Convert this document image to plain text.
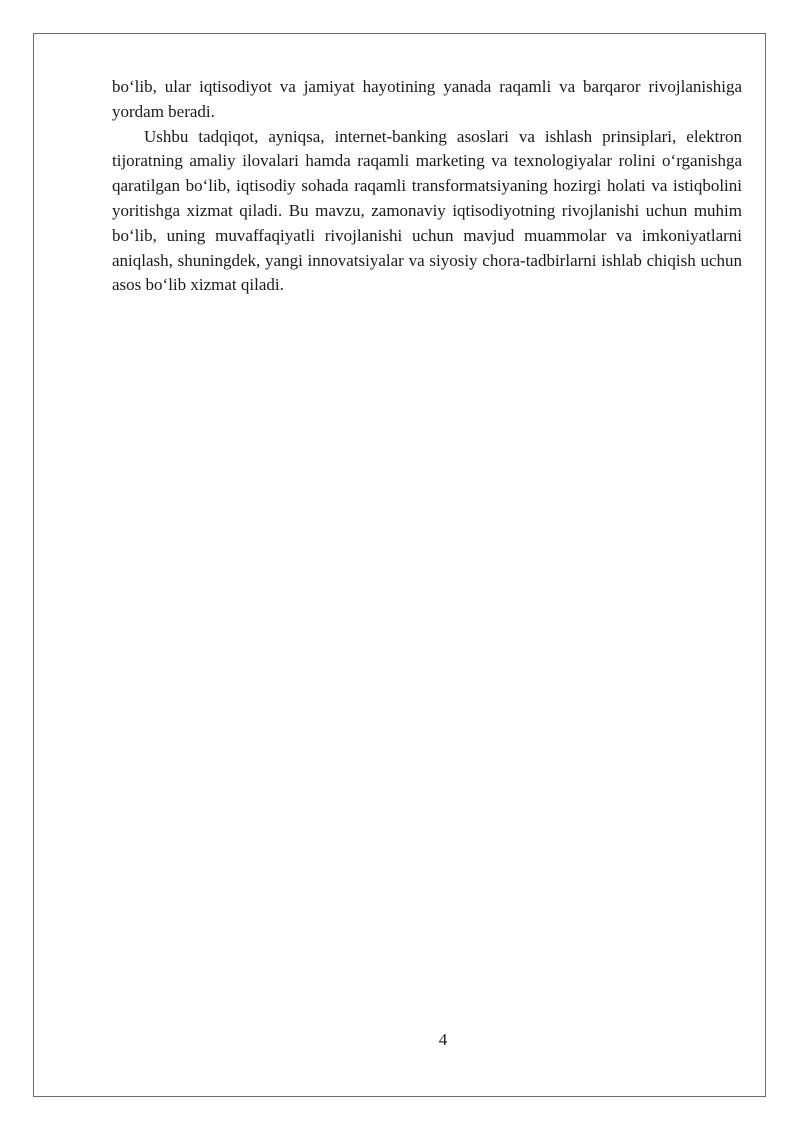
bo‘lib, ular iqtisodiyot va jamiyat hayotining yanada raqamli va barqaror rivojlanishiga yordam beradi.

Ushbu tadqiqot, ayniqsa, internet-banking asoslari va ishlash prinsiplari, elektron tijoratning amaliy ilovalari hamda raqamli marketing va texnologiyalar rolini o‘rganishga qaratilgan bo‘lib, iqtisodiy sohada raqamli transformatsiyaning hozirgi holati va istiqbolini yoritishga xizmat qiladi. Bu mavzu, zamonaviy iqtisodiyotning rivojlanishi uchun muhim bo‘lib, uning muvaffaqiyatli rivojlanishi uchun mavjud muammolar va imkoniyatlarni aniqlash, shuningdek, yangi innovatsiyalar va siyosiy chora-tadbirlarni ishlab chiqish uchun asos bo‘lib xizmat qiladi.

4
